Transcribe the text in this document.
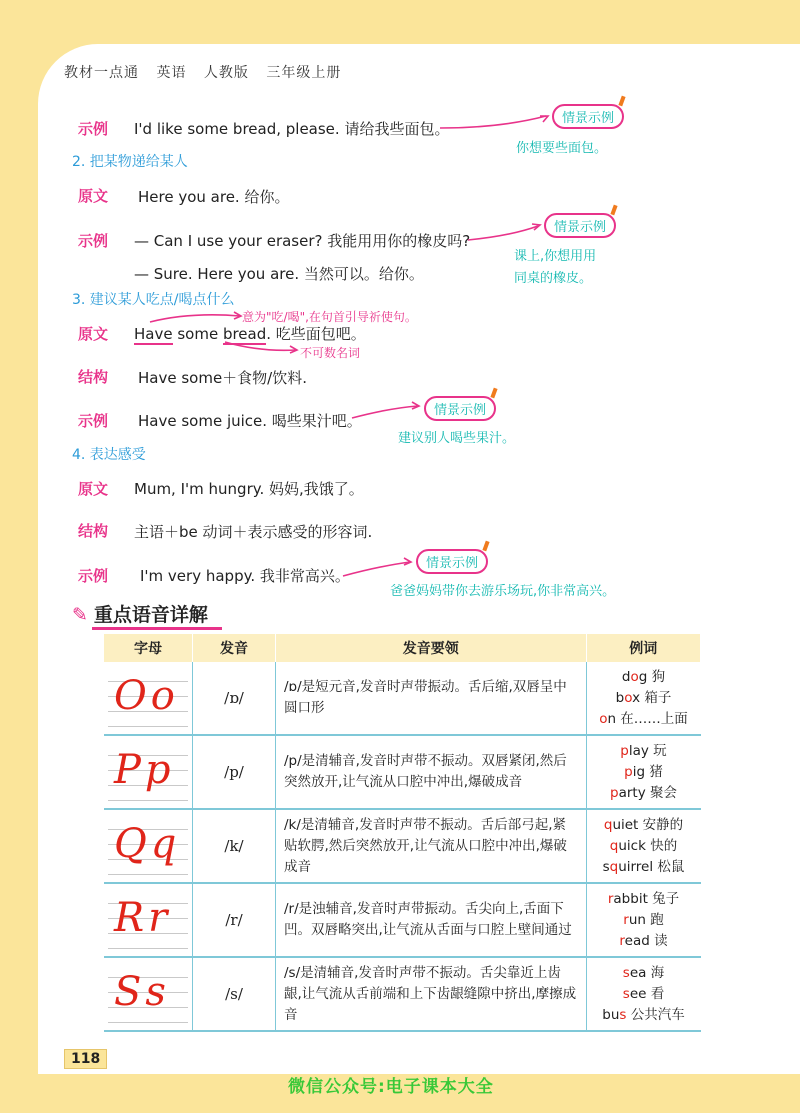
教材一点通 英语 人教版 三年级上册
示例 I'd like some bread, please. 请给我些面包。
情景示例
你想要些面包。
2. 把某物递给某人
原文 Here you are. 给你。
示例 — Can I use your eraser? 我能用用你的橡皮吗?
— Sure. Here you are. 当然可以。给你。
情景示例
课上,你想用用
同桌的橡皮。
3. 建议某人吃点/喝点什么
意为"吃/喝",在句首引导祈使句。
原文 Have some bread. 吃些面包吧。
不可数名词
结构 Have some＋食物/饮料.
示例 Have some juice. 喝些果汁吧。
情景示例
建议别人喝些果汁。
4. 表达感受
原文 Mum, I'm hungry. 妈妈,我饿了。
结构 主语＋be 动词＋表示感受的形容词.
示例 I'm very happy. 我非常高兴。
情景示例
爸爸妈妈带你去游乐场玩,你非常高兴。
✎ 重点语音详解
字母	发音	发音要领	例词

Oo	/ɒ/	/ɒ/是短元音,发音时声带振动。舌后缩,双唇呈中圆口形	dog 狗
box 箱子
on 在……上面

Pp	/p/	/p/是清辅音,发音时声带不振动。双唇紧闭,然后突然放开,让气流从口腔中冲出,爆破成音	play 玩
pig 猪
party 聚会

Qq	/k/	/k/是清辅音,发音时声带不振动。舌后部弓起,紧贴软腭,然后突然放开,让气流从口腔中冲出,爆破成音	quiet 安静的
quick 快的
squirrel 松鼠

Rr	/r/	/r/是浊辅音,发音时声带振动。舌尖向上,舌面下凹。双唇略突出,让气流从舌面与口腔上壁间通过	rabbit 兔子
run 跑
read 读

Ss	/s/	/s/是清辅音,发音时声带不振动。舌尖靠近上齿龈,让气流从舌前端和上下齿龈缝隙中挤出,摩擦成音	sea 海
see 看
bus 公共汽车
118
微信公众号:电子课本大全
